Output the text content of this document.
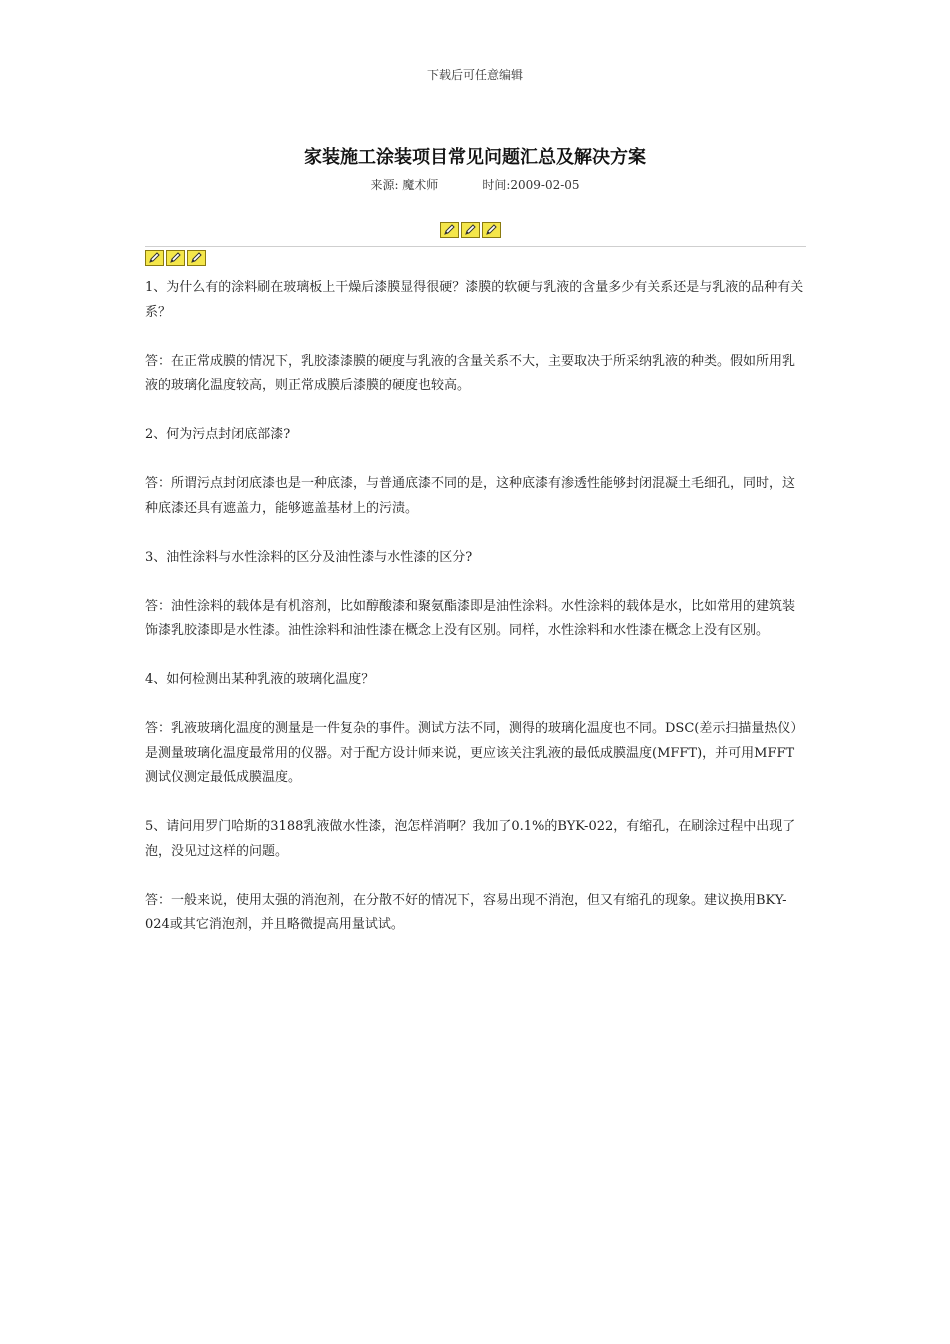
下载后可任意编辑
家装施工涂装项目常见问题汇总及解决方案
来源: 魔术师	时间:2009-02-05

1、为什么有的涂料刷在玻璃板上干燥后漆膜显得很硬？漆膜的软硬与乳液的含量多少有关系还是与乳液的品种有关系？

答：在正常成膜的情况下，乳胶漆漆膜的硬度与乳液的含量关系不大，主要取决于所采纳乳液的种类。假如所用乳液的玻璃化温度较高，则正常成膜后漆膜的硬度也较高。

2、何为污点封闭底部漆?

答：所谓污点封闭底漆也是一种底漆，与普通底漆不同的是，这种底漆有渗透性能够封闭混凝土毛细孔，同时，这种底漆还具有遮盖力，能够遮盖基材上的污渍。

3、油性涂料与水性涂料的区分及油性漆与水性漆的区分?

答：油性涂料的载体是有机溶剂，比如醇酸漆和聚氨酯漆即是油性涂料。水性涂料的载体是水，比如常用的建筑装饰漆乳胶漆即是水性漆。油性涂料和油性漆在概念上没有区别。同样，水性涂料和水性漆在概念上没有区别。

4、如何检测出某种乳液的玻璃化温度？

答：乳液玻璃化温度的测量是一件复杂的事件。测试方法不同，测得的玻璃化温度也不同。DSC(差示扫描量热仪）是测量玻璃化温度最常用的仪器。对于配方设计师来说，更应该关注乳液的最低成膜温度(MFFT)，并可用MFFT测试仪测定最低成膜温度。

5、请问用罗门哈斯的3188乳液做水性漆，泡怎样消啊？我加了0.1%的BYK-022，有缩孔，在刷涂过程中出现了泡，没见过这样的问题。

答：一般来说，使用太强的消泡剂，在分散不好的情况下，容易出现不消泡，但又有缩孔的现象。建议换用BKY-024或其它消泡剂，并且略微提高用量试试。
